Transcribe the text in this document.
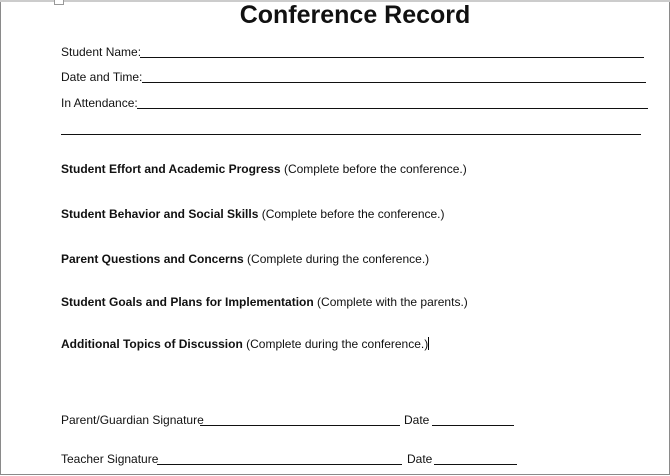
Conference Record
Student Name:
Date and Time:
In Attendance:
Student Effort and Academic Progress (Complete before the conference.)
Student Behavior and Social Skills (Complete before the conference.)
Parent Questions and Concerns (Complete during the conference.)
Student Goals and Plans for Implementation (Complete with the parents.)
Additional Topics of Discussion (Complete during the conference.)
Parent/Guardian Signature	Date
Teacher Signature	Date
